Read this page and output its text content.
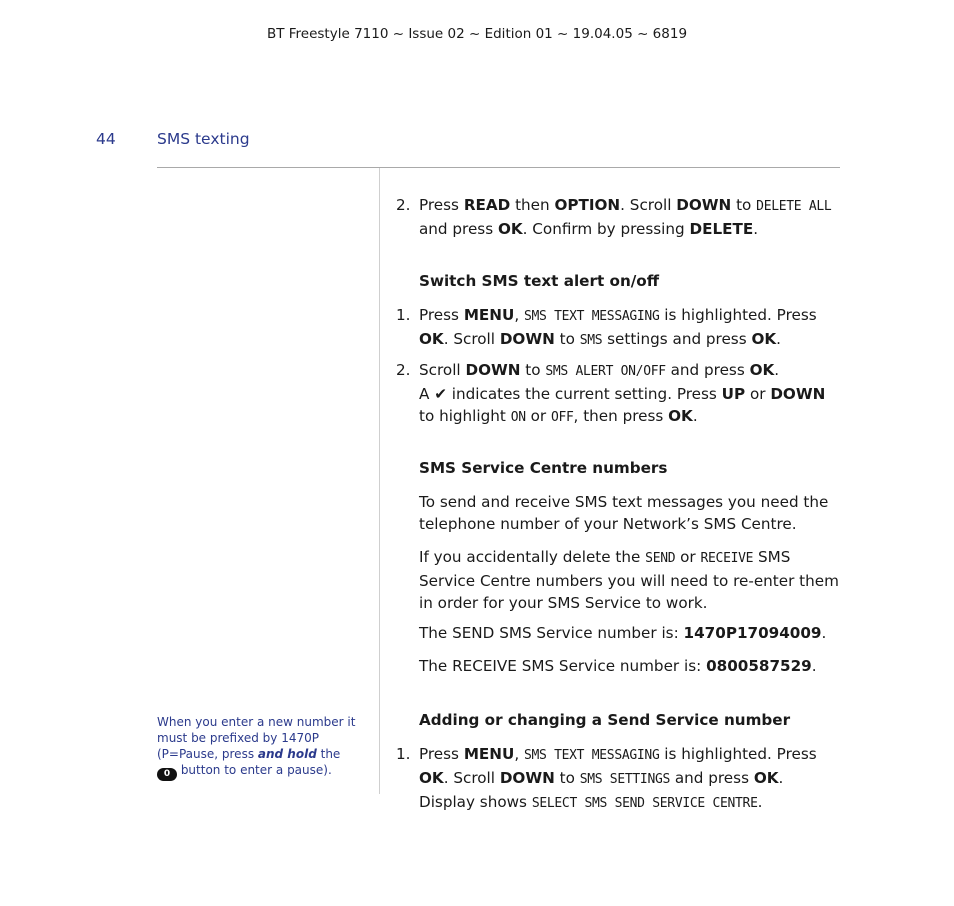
BT Freestyle 7110 ~ Issue 02 ~ Edition 01 ~ 19.04.05 ~ 6819
44	SMS texting
When you enter a new number it must be prefixed by 1470P (P=Pause, press and hold the 0 button to enter a pause).
2. Press READ then OPTION. Scroll DOWN to DELETE ALL
and press OK. Confirm by pressing DELETE.
Switch SMS text alert on/off
1. Press MENU, SMS TEXT MESSAGING is highlighted. Press
OK. Scroll DOWN to SMS settings and press OK.
2. Scroll DOWN to SMS ALERT ON/OFF and press OK.
A ✔ indicates the current setting. Press UP or DOWN to highlight ON or OFF, then press OK.
SMS Service Centre numbers
To send and receive SMS text messages you need the telephone number of your Network’s SMS Centre.
If you accidentally delete the SEND or RECEIVE SMS Service Centre numbers you will need to re-enter them in order for your SMS Service to work.
The SEND SMS Service number is: 1470P17094009.
The RECEIVE SMS Service number is: 0800587529.
Adding or changing a Send Service number
1. Press MENU, SMS TEXT MESSAGING is highlighted. Press
OK. Scroll DOWN to SMS SETTINGS and press OK.
Display shows SELECT SMS SEND SERVICE CENTRE.
